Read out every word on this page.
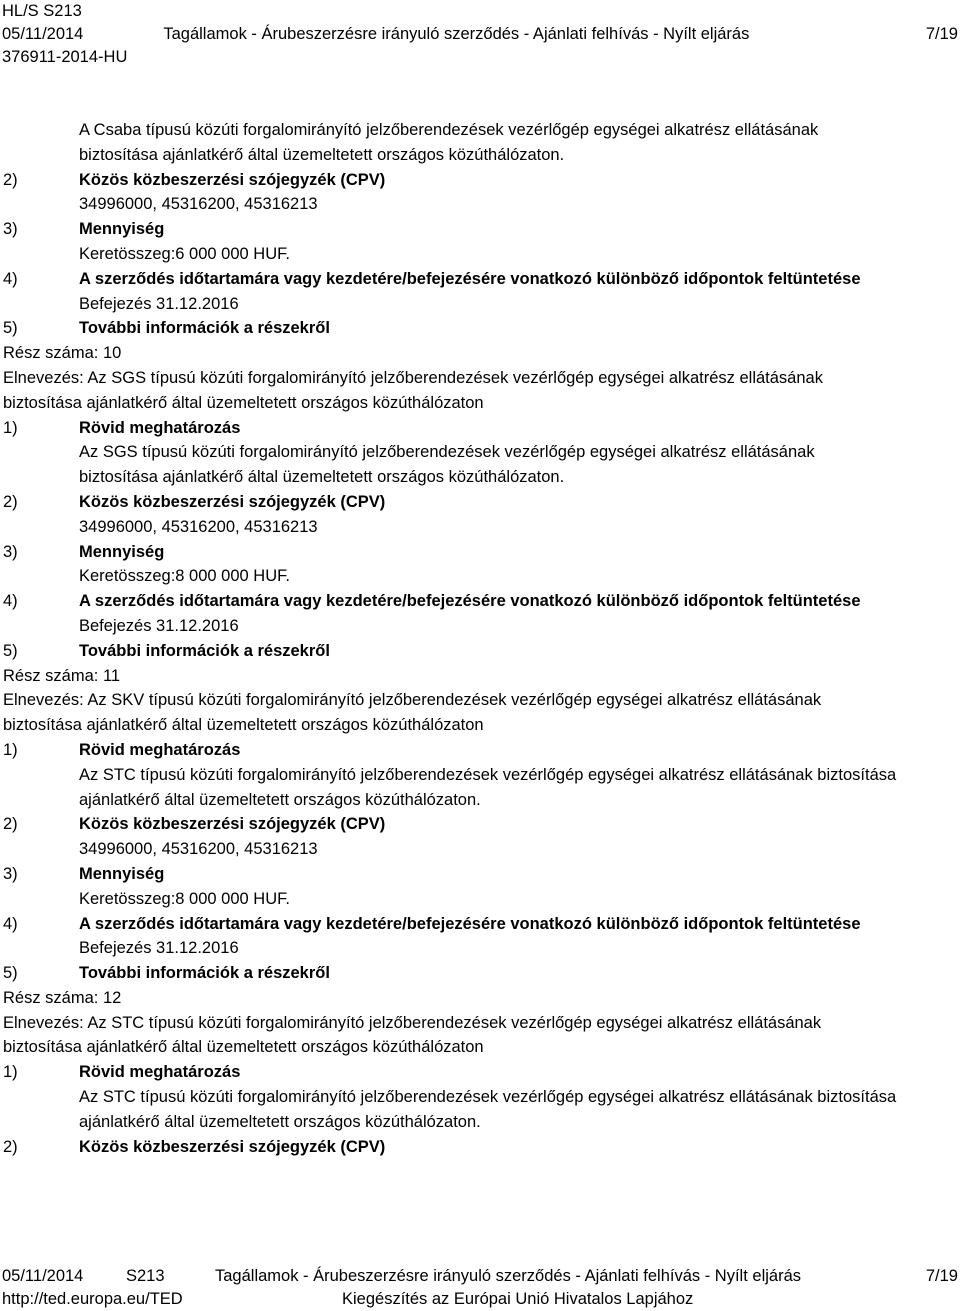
HL/S S213
05/11/2014	Tagállamok - Árubeszerzésre irányuló szerződés - Ajánlati felhívás - Nyílt eljárás	7/19
376911-2014-HU
A Csaba típusú közúti forgalomirányító jelzőberendezések vezérlőgép egységei alkatrész ellátásának
biztosítása ajánlatkérő által üzemeltetett országos közúthálózaton.
2)	Közös közbeszerzési szójegyzék (CPV)
34996000, 45316200, 45316213
3)	Mennyiség
Keretösszeg:6 000 000 HUF.
4)	A szerződés időtartamára vagy kezdetére/befejezésére vonatkozó különböző időpontok feltüntetése
Befejezés 31.12.2016
5)	További információk a részekről
Rész száma: 10
Elnevezés: Az SGS típusú közúti forgalomirányító jelzőberendezések vezérlőgép egységei alkatrész ellátásának
biztosítása ajánlatkérő által üzemeltetett országos közúthálózaton
1)	Rövid meghatározás
Az SGS típusú közúti forgalomirányító jelzőberendezések vezérlőgép egységei alkatrész ellátásának
biztosítása ajánlatkérő által üzemeltetett országos közúthálózaton.
2)	Közös közbeszerzési szójegyzék (CPV)
34996000, 45316200, 45316213
3)	Mennyiség
Keretösszeg:8 000 000 HUF.
4)	A szerződés időtartamára vagy kezdetére/befejezésére vonatkozó különböző időpontok feltüntetése
Befejezés 31.12.2016
5)	További információk a részekről
Rész száma: 11
Elnevezés: Az SKV típusú közúti forgalomirányító jelzőberendezések vezérlőgép egységei alkatrész ellátásának
biztosítása ajánlatkérő által üzemeltetett országos közúthálózaton
1)	Rövid meghatározás
Az STC típusú közúti forgalomirányító jelzőberendezések vezérlőgép egységei alkatrész ellátásának biztosítása
ajánlatkérő által üzemeltetett országos közúthálózaton.
2)	Közös közbeszerzési szójegyzék (CPV)
34996000, 45316200, 45316213
3)	Mennyiség
Keretösszeg:8 000 000 HUF.
4)	A szerződés időtartamára vagy kezdetére/befejezésére vonatkozó különböző időpontok feltüntetése
Befejezés 31.12.2016
5)	További információk a részekről
Rész száma: 12
Elnevezés: Az STC típusú közúti forgalomirányító jelzőberendezések vezérlőgép egységei alkatrész ellátásának
biztosítása ajánlatkérő által üzemeltetett országos közúthálózaton
1)	Rövid meghatározás
Az STC típusú közúti forgalomirányító jelzőberendezések vezérlőgép egységei alkatrész ellátásának biztosítása
ajánlatkérő által üzemeltetett országos közúthálózaton.
2)	Közös közbeszerzési szójegyzék (CPV)
05/11/2014	S213	Tagállamok - Árubeszerzésre irányuló szerződés - Ajánlati felhívás - Nyílt eljárás	7/19
http://ted.europa.eu/TED	Kiegészítés az Európai Unió Hivatalos Lapjához
